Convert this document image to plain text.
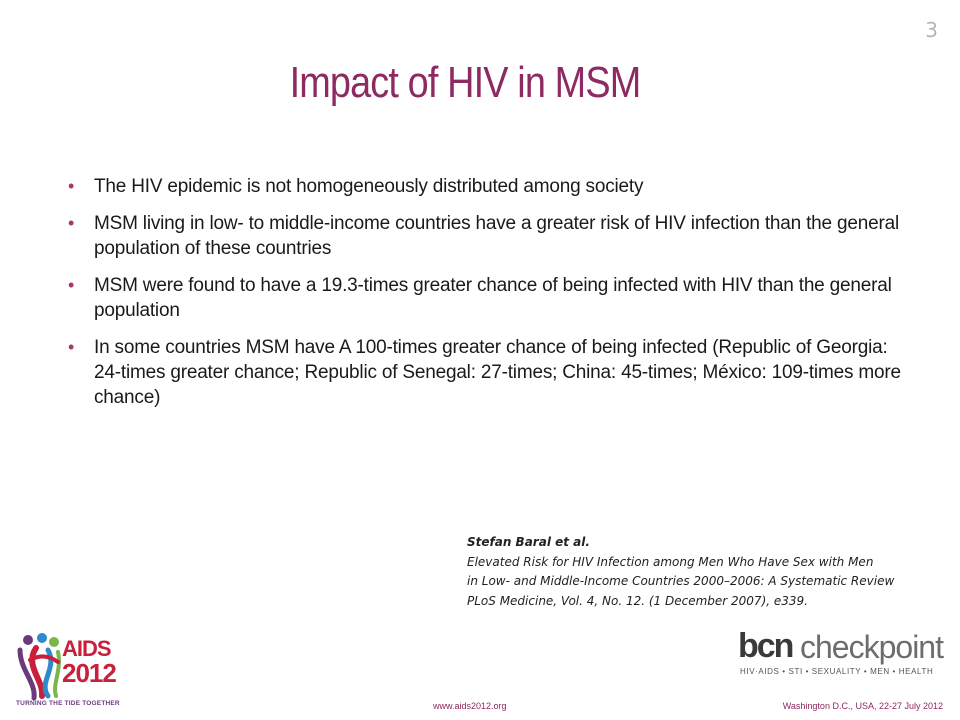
3
Impact of HIV in MSM
• The HIV epidemic is not homogeneously distributed among society
• MSM living in low- to middle-income countries have a greater risk of HIV infection than the general population of these countries
• MSM were found to have a 19.3-times greater chance of being infected with HIV than the general population
• In some countries MSM have A 100-times greater chance of being infected (Republic of Georgia: 24-times greater chance; Republic of Senegal: 27-times; China: 45-times; México: 109-times more chance)
Stefan Baral et al.
Elevated Risk for HIV Infection among Men Who Have Sex with Men
in Low- and Middle-Income Countries 2000–2006: A Systematic Review
PLoS Medicine, Vol. 4, No. 12. (1 December 2007), e339.
AIDS
2012
TURNING THE TIDE TOGETHER
bcn checkpoint
HIV·AIDS • STI • SEXUALITY • MEN • HEALTH
www.aids2012.org	Washington D.C., USA, 22-27 July 2012
